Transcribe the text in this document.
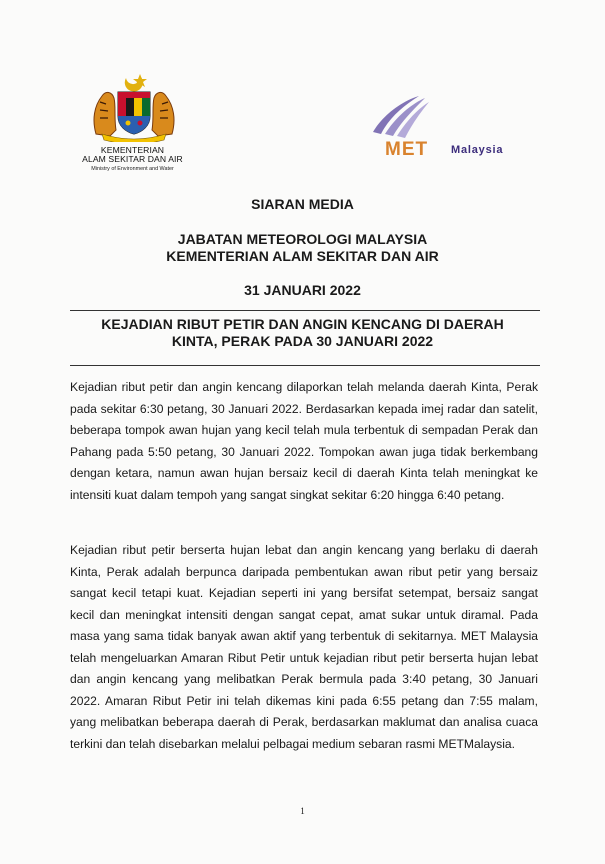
KEMENTERIAN
ALAM SEKITAR DAN AIR
Ministry of Environment and Water
MET Malaysia
SIARAN MEDIA
JABATAN METEOROLOGI MALAYSIA
KEMENTERIAN ALAM SEKITAR DAN AIR
31 JANUARI 2022
KEJADIAN RIBUT PETIR DAN ANGIN KENCANG DI DAERAH
KINTA, PERAK PADA 30 JANUARI 2022

Kejadian ribut petir dan angin kencang dilaporkan telah melanda daerah Kinta, Perak pada sekitar 6:30 petang, 30 Januari 2022. Berdasarkan kepada imej radar dan satelit, beberapa tompok awan hujan yang kecil telah mula terbentuk di sempadan Perak dan Pahang pada 5:50 petang, 30 Januari 2022. Tompokan awan juga tidak berkembang dengan ketara, namun awan hujan bersaiz kecil di daerah Kinta telah meningkat ke intensiti kuat dalam tempoh yang sangat singkat sekitar 6:20 hingga 6:40 petang.

Kejadian ribut petir berserta hujan lebat dan angin kencang yang berlaku di daerah Kinta, Perak adalah berpunca daripada pembentukan awan ribut petir yang bersaiz sangat kecil tetapi kuat. Kejadian seperti ini yang bersifat setempat, bersaiz sangat kecil dan meningkat intensiti dengan sangat cepat, amat sukar untuk diramal. Pada masa yang sama tidak banyak awan aktif yang terbentuk di sekitarnya. MET Malaysia telah mengeluarkan Amaran Ribut Petir untuk kejadian ribut petir berserta hujan lebat dan angin kencang yang melibatkan Perak bermula pada 3:40 petang, 30 Januari 2022. Amaran Ribut Petir ini telah dikemas kini pada 6:55 petang dan 7:55 malam, yang melibatkan beberapa daerah di Perak, berdasarkan maklumat dan analisa cuaca terkini dan telah disebarkan melalui pelbagai medium sebaran rasmi METMalaysia.

1
